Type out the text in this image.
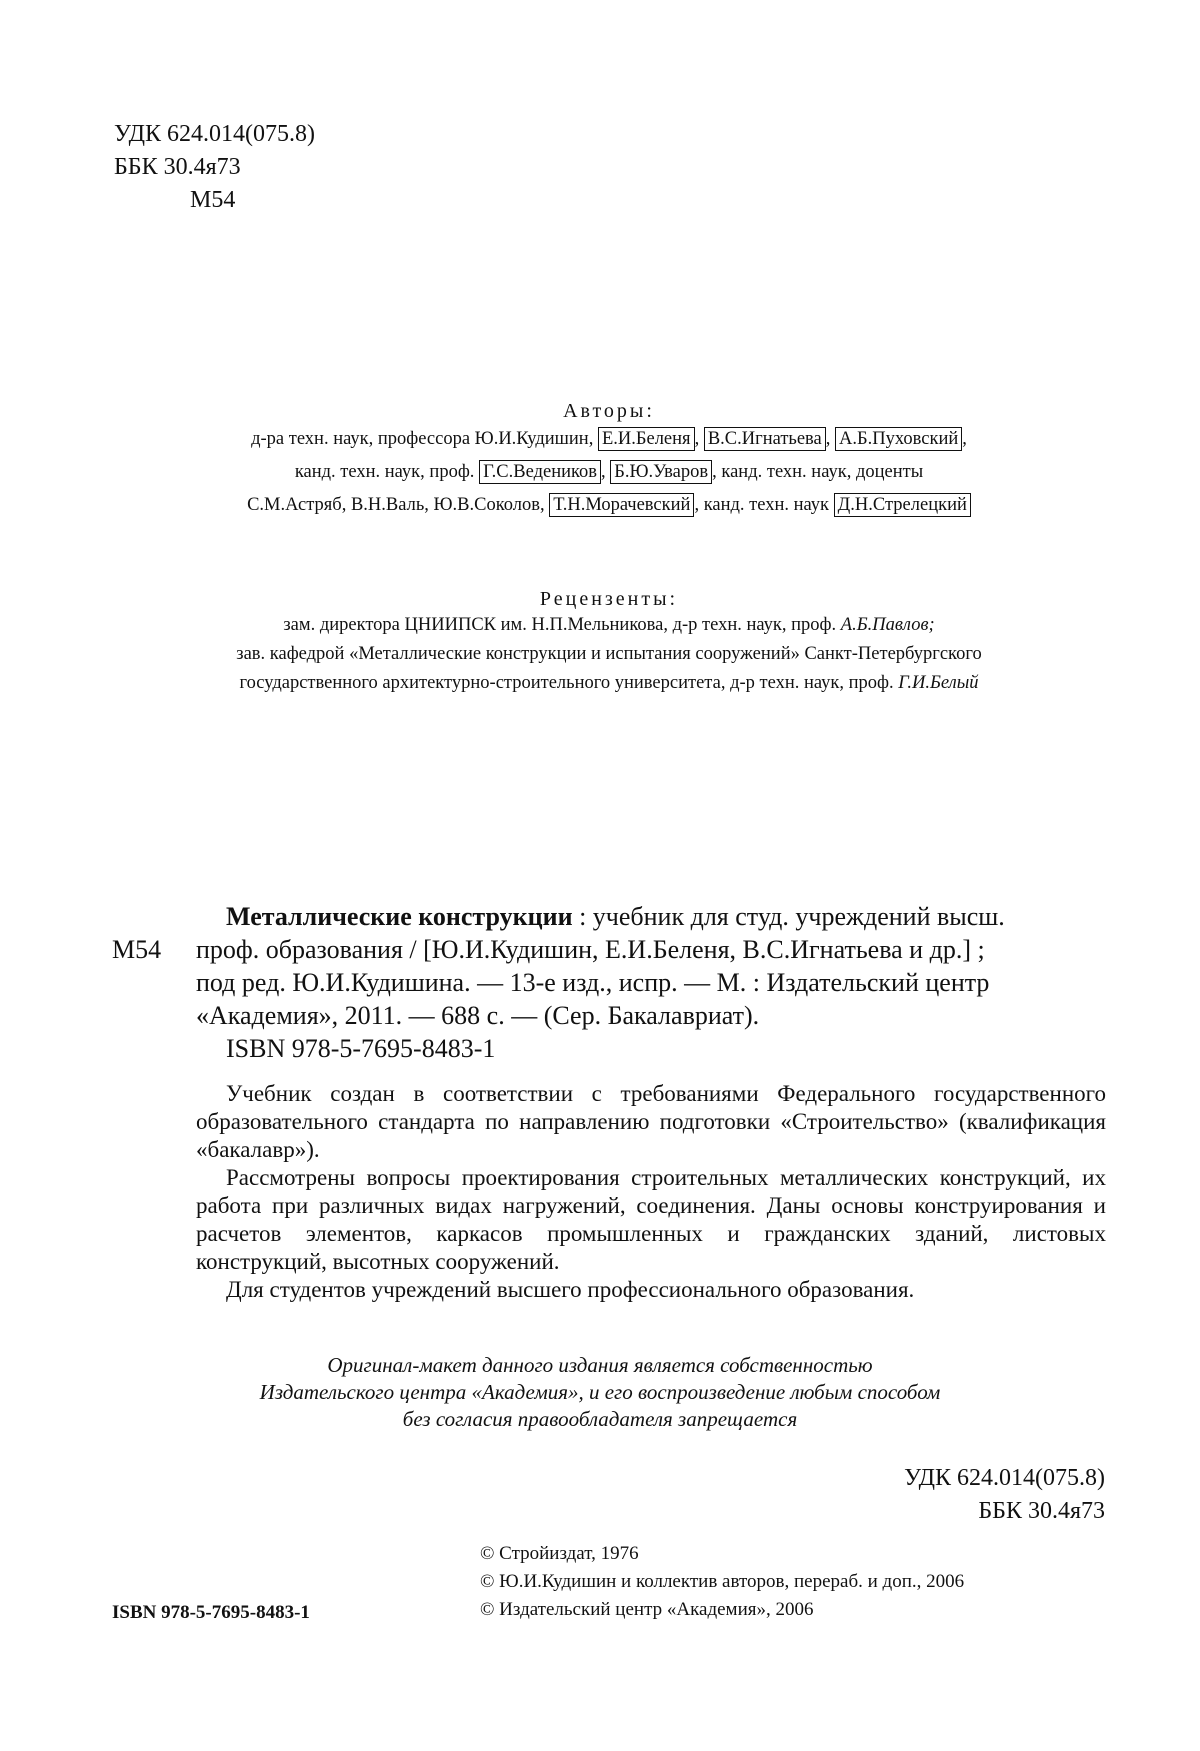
УДК 624.014(075.8)
ББК 30.4я73
М54
Авторы:
д-ра техн. наук, профессора Ю.И.Кудишин, Е.И.Беленя , В.С.Игнатьева , А.Б.Пуховский ,
канд. техн. наук, проф. Г.С.Ведеников , Б.Ю.Уваров , канд. техн. наук, доценты
С.М.Астряб, В.Н.Валь, Ю.В.Соколов, Т.Н.Морачевский , канд. техн. наук Д.Н.Стрелецкий
Рецензенты:
зам. директора ЦНИИПСК им. Н.П.Мельникова, д-р техн. наук, проф. А.Б.Павлов;
зав. кафедрой «Металлические конструкции и испытания сооружений» Санкт-Петербургского
государственного архитектурно-строительного университета, д-р техн. наук, проф. Г.И.Белый
М54
Металлические конструкции : учебник для студ. учреждений высш.
проф. образования / [Ю.И.Кудишин, Е.И.Беленя, В.С.Игнатьева и др.] ;
под ред. Ю.И.Кудишина. — 13-е изд., испр. — М. : Издательский центр
«Академия», 2011. — 688 с. — (Сер. Бакалавриат).
ISBN 978-5-7695-8483-1

Учебник создан в соответствии с требованиями Федерального государственного образовательного стандарта по направлению подготовки «Строительство» (квалификация «бакалавр»).

Рассмотрены вопросы проектирования строительных металлических конструкций, их работа при различных видах нагружений, соединения. Даны основы конструирования и расчетов элементов, каркасов промышленных и гражданских зданий, листовых конструкций, высотных сооружений.

Для студентов учреждений высшего профессионального образования.

Оригинал-макет данного издания является собственностью
Издательского центра «Академия», и его воспроизведение любым способом
без согласия правообладателя запрещается
УДК 624.014(075.8)
ББК 30.4я73
ISBN 978-5-7695-8483-1
© Стройиздат, 1976
© Ю.И.Кудишин и коллектив авторов, перераб. и доп., 2006
© Издательский центр «Академия», 2006
